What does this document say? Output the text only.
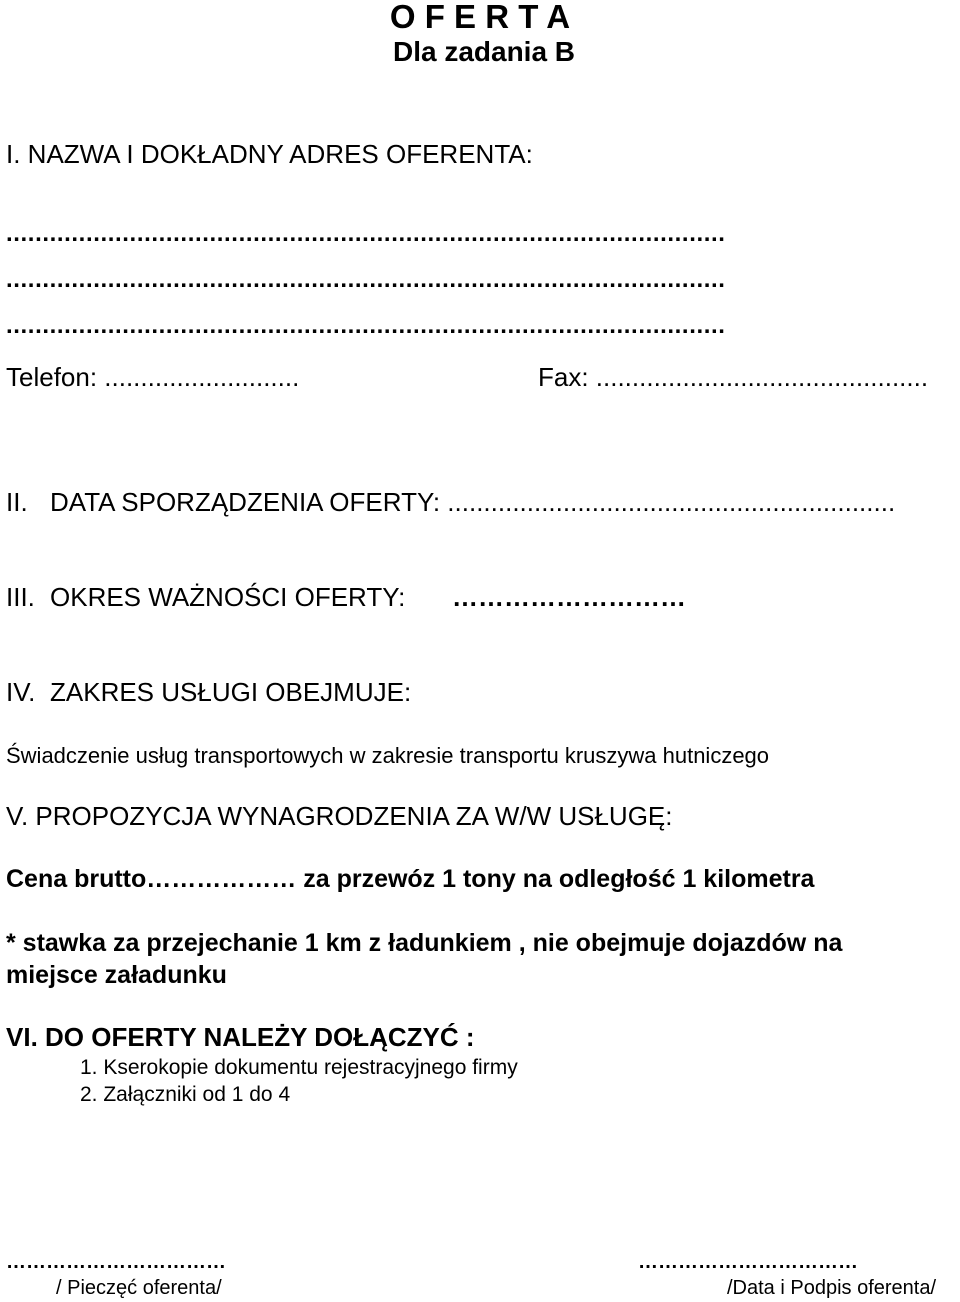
O F E R T A
Dla zadania B
I. NAZWA I DOKŁADNY ADRES OFERENTA:
...................................................................................................
...................................................................................................
...................................................................................................
Telefon: ...........................	Fax: ..............................................
II. DATA SPORZĄDZENIA OFERTY: ..............................................................
III. OKRES WAŻNOŚCI OFERTY: ………………………
IV. ZAKRES USŁUGI OBEJMUJE:
Świadczenie usług transportowych w zakresie transportu kruszywa hutniczego
V. PROPOZYCJA WYNAGRODZENIA ZA W/W USŁUGĘ:
Cena brutto……………… za przewóz 1 tony na odległość 1 kilometra
* stawka za przejechanie 1 km z ładunkiem , nie obejmuje dojazdów na
miejsce załadunku
VI. DO OFERTY NALEŻY DOŁĄCZYĆ :
1. Kserokopie dokumentu rejestracyjnego firmy
2. Załączniki od 1 do 4
……………………………
/ Pieczęć oferenta/
……………………………
/Data i Podpis oferenta/
